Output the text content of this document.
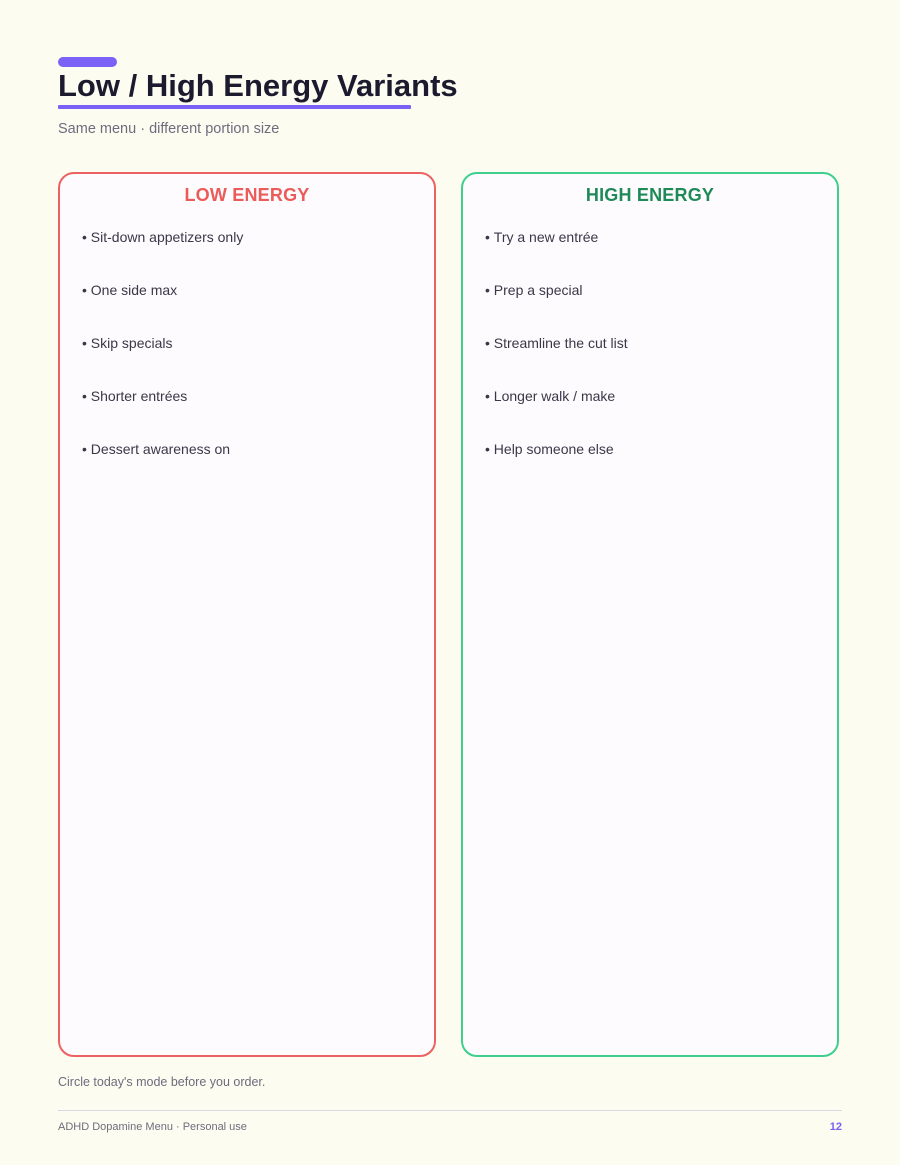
Low / High Energy Variants
Same menu · different portion size
LOW ENERGY
• Sit-down appetizers only
• One side max
• Skip specials
• Shorter entrées
• Dessert awareness on
HIGH ENERGY
• Try a new entrée
• Prep a special
• Streamline the cut list
• Longer walk / make
• Help someone else
Circle today's mode before you order.
ADHD Dopamine Menu · Personal use	12
